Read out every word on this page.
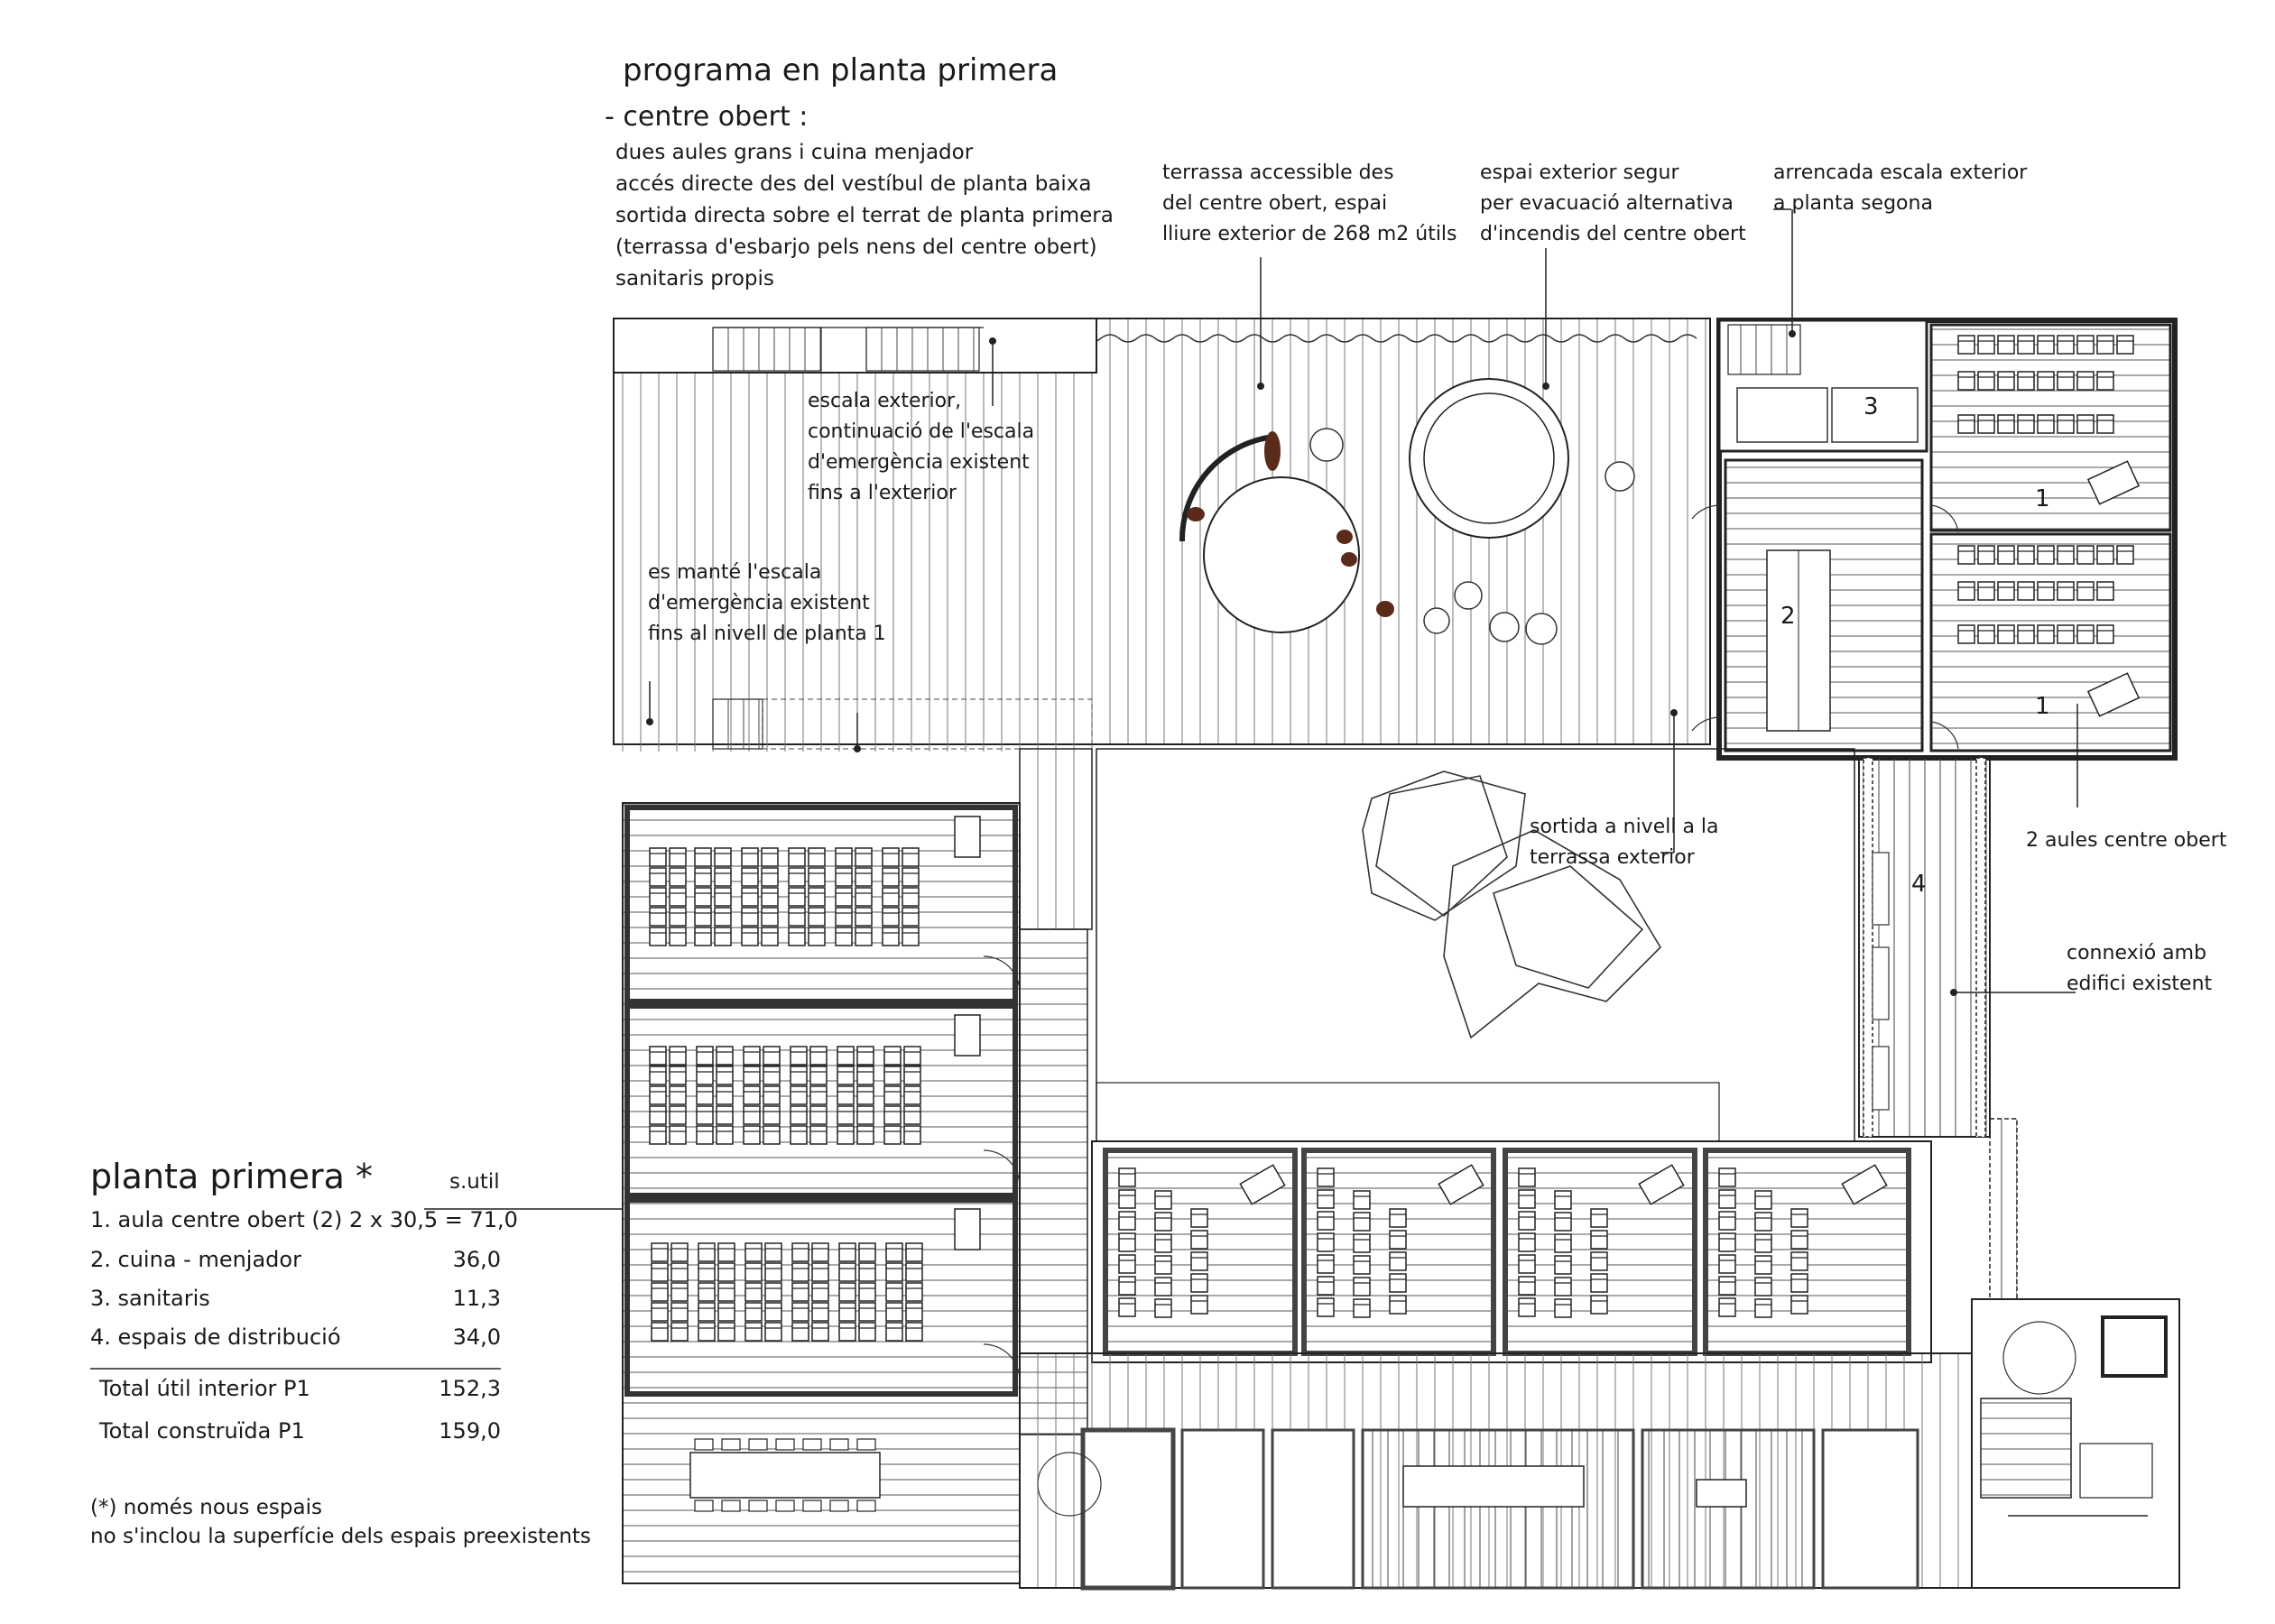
programa en planta primera
- centre obert :
dues aules grans i cuina menjador
accés directe des del vestíbul de planta baixa
sortida directa sobre el terrat de planta primera
(terrassa d'esbarjo pels nens del centre obert)
sanitaris propis
terrassa accessible des
del centre obert, espai
lliure exterior de 268 m2 útils
espai exterior segur
per evacuació alternativa
d'incendis del centre obert
arrencada escala exterior
a planta segona
escala exterior,
continuació de l'escala
d'emergència existent
fins a l'exterior
es manté l'escala
d'emergència existent
fins al nivell de planta 1
sortida a nivell a la
terrassa exterior
2 aules centre obert
connexió amb
edifici existent
1
1
2
3
4
planta primera *	s.util
1. aula centre obert (2) 2 x 30,5 = 71,0
2. cuina - menjador	36,0
3. sanitaris	11,3
4. espais de distribució	34,0
Total útil interior P1	152,3
Total construïda P1	159,0
(*) només nous espais
no s'inclou la superfície dels espais preexistents
